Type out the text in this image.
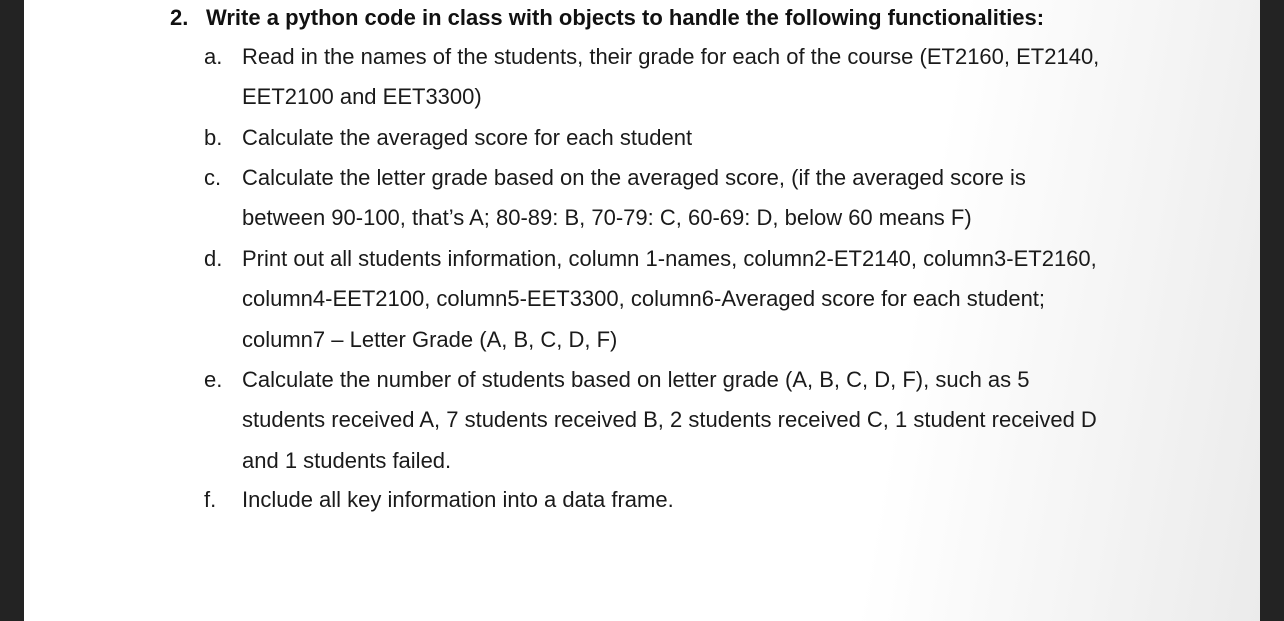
2. Write a python code in class with objects to handle the following functionalities:
a. Read in the names of the students, their grade for each of the course (ET2160, ET2140,
EET2100 and EET3300)
b. Calculate the averaged score for each student
c. Calculate the letter grade based on the averaged score, (if the averaged score is
between 90-100, that’s A; 80-89: B, 70-79: C, 60-69: D, below 60 means F)
d. Print out all students information, column 1-names, column2-ET2140, column3-ET2160,
column4-EET2100, column5-EET3300, column6-Averaged score for each student;
column7 – Letter Grade (A, B, C, D, F)
e. Calculate the number of students based on letter grade (A, B, C, D, F), such as 5
students received A, 7 students received B, 2 students received C, 1 student received D
and 1 students failed.
f.	Include all key information into a data frame.
